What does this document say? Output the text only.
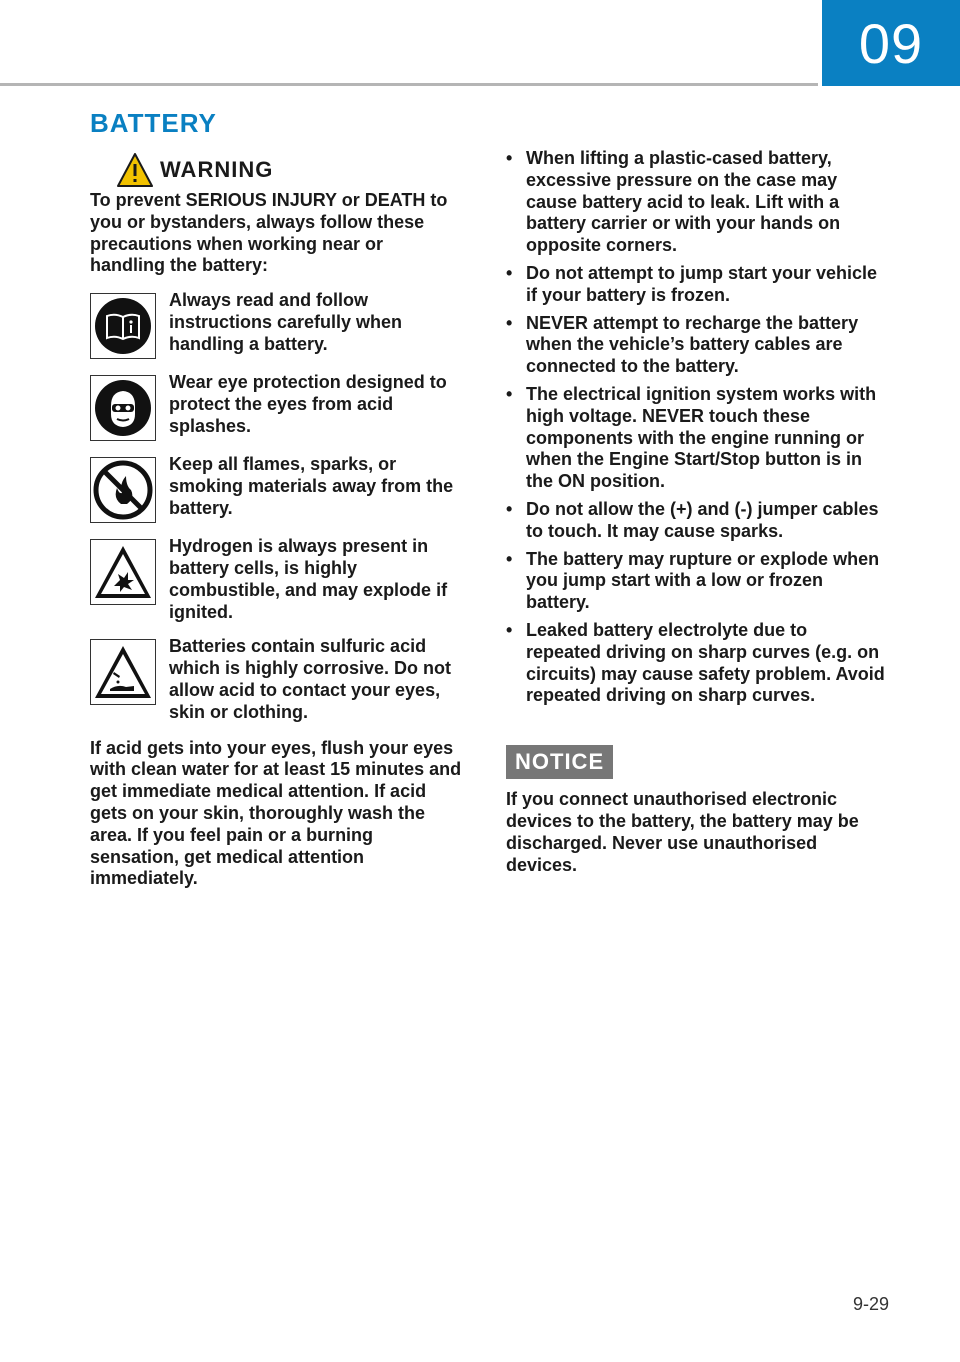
09
BATTERY
WARNING

To prevent SERIOUS INJURY or DEATH to you or bystanders, always follow these precautions when working near or handling the battery:

Always read and follow instructions carefully when handling a battery.
Wear eye protection designed to protect the eyes from acid splashes.
Keep all flames, sparks, or smoking materials away from the battery.
Hydrogen is always present in battery cells, is highly combustible, and may explode if ignited.
Batteries contain sulfuric acid which is highly corrosive. Do not allow acid to contact your eyes, skin or clothing.

If acid gets into your eyes, flush your eyes with clean water for at least 15 minutes and get immediate medical attention. If acid gets on your skin, thoroughly wash the area. If you feel pain or a burning sensation, get medical attention immediately.

• When lifting a plastic-cased battery, excessive pressure on the case may cause battery acid to leak. Lift with a battery carrier or with your hands on opposite corners.
• Do not attempt to jump start your vehicle if your battery is frozen.
• NEVER attempt to recharge the battery when the vehicle’s battery cables are connected to the battery.
• The electrical ignition system works with high voltage. NEVER touch these components with the engine running or when the Engine Start/Stop button is in the ON position.
• Do not allow the (+) and (-) jumper cables to touch. It may cause sparks.
• The battery may rupture or explode when you jump start with a low or frozen battery.
• Leaked battery electrolyte due to repeated driving on sharp curves (e.g. on circuits) may cause safety problem. Avoid repeated driving on sharp curves.
NOTICE

If you connect unauthorised electronic devices to the battery, the battery may be discharged. Never use unauthorised devices.

9-29
